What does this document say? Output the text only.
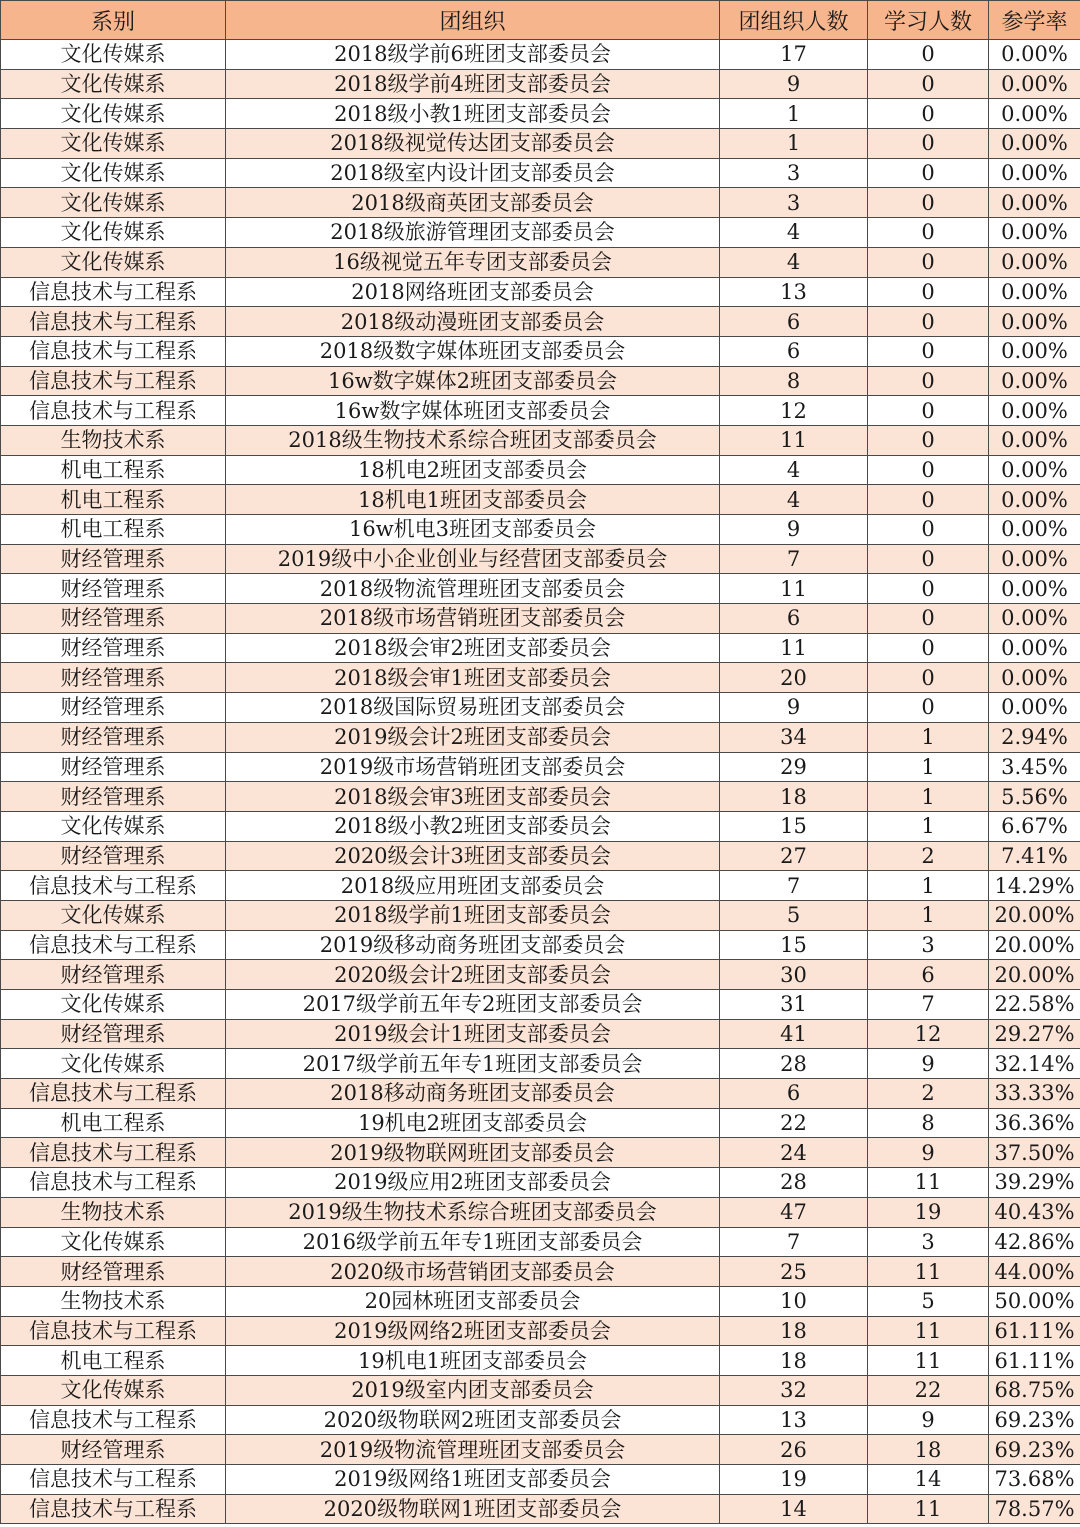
系别	团组织	团组织人数	学习人数	参学率
文化传媒系	2018级学前6班团支部委员会	17	0	0.00%
文化传媒系	2018级学前4班团支部委员会	9	0	0.00%
文化传媒系	2018级小教1班团支部委员会	1	0	0.00%
文化传媒系	2018级视觉传达团支部委员会	1	0	0.00%
文化传媒系	2018级室内设计团支部委员会	3	0	0.00%
文化传媒系	2018级商英团支部委员会	3	0	0.00%
文化传媒系	2018级旅游管理团支部委员会	4	0	0.00%
文化传媒系	16级视觉五年专团支部委员会	4	0	0.00%
信息技术与工程系	2018网络班团支部委员会	13	0	0.00%
信息技术与工程系	2018级动漫班团支部委员会	6	0	0.00%
信息技术与工程系	2018级数字媒体班团支部委员会	6	0	0.00%
信息技术与工程系	16w数字媒体2班团支部委员会	8	0	0.00%
信息技术与工程系	16w数字媒体班团支部委员会	12	0	0.00%
生物技术系	2018级生物技术系综合班团支部委员会	11	0	0.00%
机电工程系	18机电2班团支部委员会	4	0	0.00%
机电工程系	18机电1班团支部委员会	4	0	0.00%
机电工程系	16w机电3班团支部委员会	9	0	0.00%
财经管理系	2019级中小企业创业与经营团支部委员会	7	0	0.00%
财经管理系	2018级物流管理班团支部委员会	11	0	0.00%
财经管理系	2018级市场营销班团支部委员会	6	0	0.00%
财经管理系	2018级会审2班团支部委员会	11	0	0.00%
财经管理系	2018级会审1班团支部委员会	20	0	0.00%
财经管理系	2018级国际贸易班团支部委员会	9	0	0.00%
财经管理系	2019级会计2班团支部委员会	34	1	2.94%
财经管理系	2019级市场营销班团支部委员会	29	1	3.45%
财经管理系	2018级会审3班团支部委员会	18	1	5.56%
文化传媒系	2018级小教2班团支部委员会	15	1	6.67%
财经管理系	2020级会计3班团支部委员会	27	2	7.41%
信息技术与工程系	2018级应用班团支部委员会	7	1	14.29%
文化传媒系	2018级学前1班团支部委员会	5	1	20.00%
信息技术与工程系	2019级移动商务班团支部委员会	15	3	20.00%
财经管理系	2020级会计2班团支部委员会	30	6	20.00%
文化传媒系	2017级学前五年专2班团支部委员会	31	7	22.58%
财经管理系	2019级会计1班团支部委员会	41	12	29.27%
文化传媒系	2017级学前五年专1班团支部委员会	28	9	32.14%
信息技术与工程系	2018移动商务班团支部委员会	6	2	33.33%
机电工程系	19机电2班团支部委员会	22	8	36.36%
信息技术与工程系	2019级物联网班团支部委员会	24	9	37.50%
信息技术与工程系	2019级应用2班团支部委员会	28	11	39.29%
生物技术系	2019级生物技术系综合班团支部委员会	47	19	40.43%
文化传媒系	2016级学前五年专1班团支部委员会	7	3	42.86%
财经管理系	2020级市场营销团支部委员会	25	11	44.00%
生物技术系	20园林班团支部委员会	10	5	50.00%
信息技术与工程系	2019级网络2班团支部委员会	18	11	61.11%
机电工程系	19机电1班团支部委员会	18	11	61.11%
文化传媒系	2019级室内团支部委员会	32	22	68.75%
信息技术与工程系	2020级物联网2班团支部委员会	13	9	69.23%
财经管理系	2019级物流管理班团支部委员会	26	18	69.23%
信息技术与工程系	2019级网络1班团支部委员会	19	14	73.68%
信息技术与工程系	2020级物联网1班团支部委员会	14	11	78.57%
